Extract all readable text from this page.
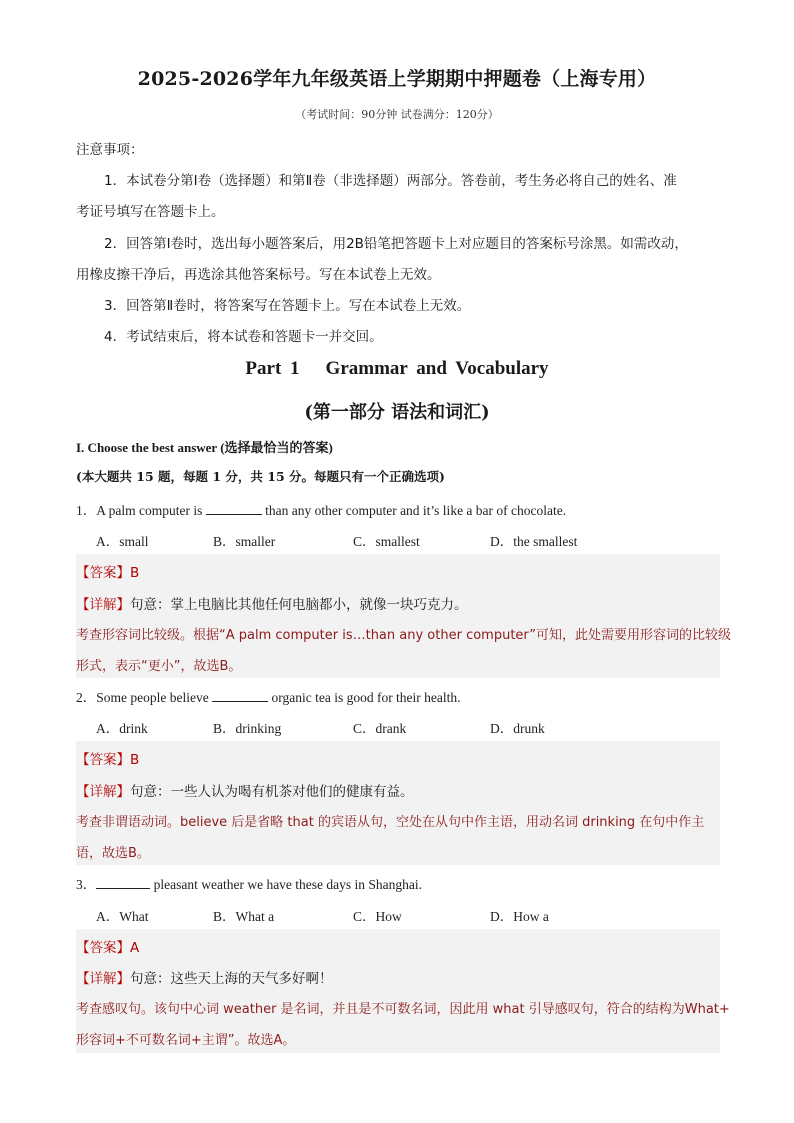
2025-2026学年九年级英语上学期期中押题卷（上海专用）
（考试时间：90分钟 试卷满分：120分）
注意事项：
1．本试卷分第Ⅰ卷（选择题）和第Ⅱ卷（非选择题）两部分。答卷前，考生务必将自己的姓名、准
考证号填写在答题卡上。
2．回答第Ⅰ卷时，选出每小题答案后，用2B铅笔把答题卡上对应题目的答案标号涂黑。如需改动，
用橡皮擦干净后，再选涂其他答案标号。写在本试卷上无效。
3．回答第Ⅱ卷时，将答案写在答题卡上。写在本试卷上无效。
4．考试结束后，将本试卷和答题卡一并交回。
Part 1 Grammar and Vocabulary
(第一部分 语法和词汇)
I. Choose the best answer (选择最恰当的答案)
(本大题共 15 题，每题 1 分，共 15 分。每题只有一个正确选项)
1．A palm computer is	than any other computer and it’s like a bar of chocolate.
A．small	B．smaller	C．smallest	D．the smallest
【答案】B
【详解】句意：掌上电脑比其他任何电脑都小，就像一块巧克力。
考查形容词比较级。根据“A palm computer is…than any other computer”可知，此处需要用形容词的比较级
形式，表示“更小”，故选B。
2．Some people believe	organic tea is good for their health.
A．drink	B．drinking	C．drank	D．drunk
【答案】B
【详解】句意：一些人认为喝有机茶对他们的健康有益。
考查非谓语动词。believe 后是省略 that 的宾语从句，空处在从句中作主语，用动名词 drinking 在句中作主
语，故选B。
3．	pleasant weather we have these days in Shanghai.
A．What	B．What a	C．How	D．How a
【答案】A
【详解】句意：这些天上海的天气多好啊！
考查感叹句。该句中心词 weather 是名词，并且是不可数名词，因此用 what 引导感叹句，符合的结构为What+
形容词+不可数名词+主谓”。故选A。
